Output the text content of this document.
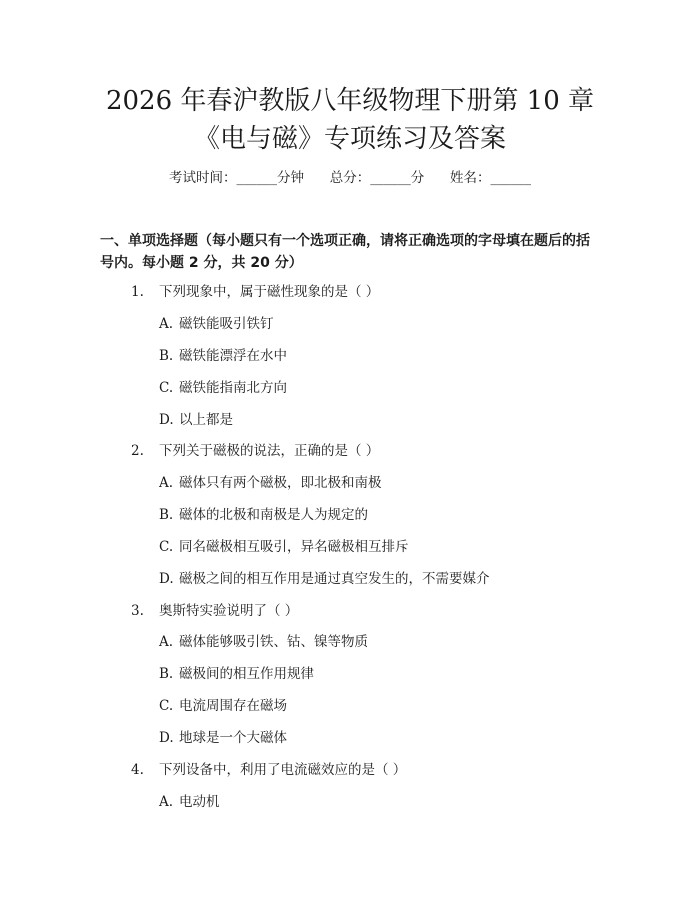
2026 年春沪教版八年级物理下册第 10 章
《电与磁》专项练习及答案
考试时间：______分钟      总分：______分      姓名：______
一、单项选择题（每小题只有一个选项正确，请将正确选项的字母填在题后的括
号内。每小题 2 分，共 20 分）
1. 下列现象中，属于磁性现象的是（ ）
A. 磁铁能吸引铁钉
B. 磁铁能漂浮在水中
C. 磁铁能指南北方向
D. 以上都是
2. 下列关于磁极的说法，正确的是（ ）
A. 磁体只有两个磁极，即北极和南极
B. 磁体的北极和南极是人为规定的
C. 同名磁极相互吸引，异名磁极相互排斥
D. 磁极之间的相互作用是通过真空发生的，不需要媒介
3. 奥斯特实验说明了（ ）
A. 磁体能够吸引铁、钴、镍等物质
B. 磁极间的相互作用规律
C. 电流周围存在磁场
D. 地球是一个大磁体
4. 下列设备中，利用了电流磁效应的是（ ）
A. 电动机
